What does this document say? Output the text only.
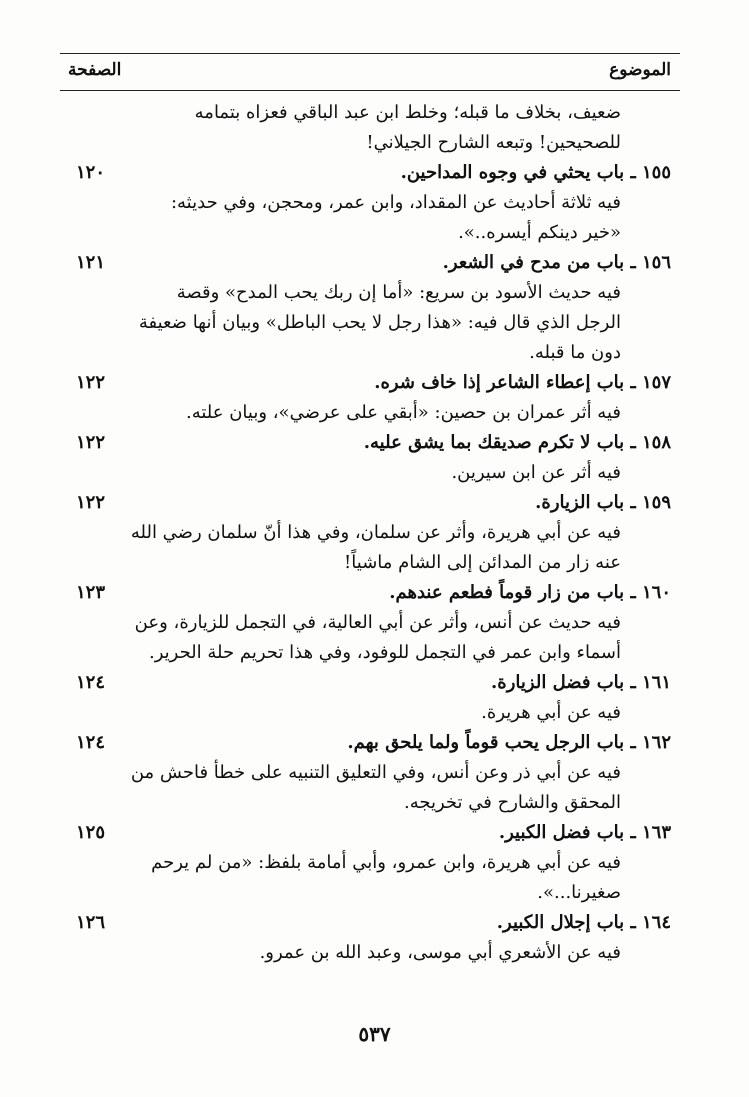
الموضوع
الصفحة
ضعيف، بخلاف ما قبله؛ وخلط ابن عبد الباقي فعزاه بتمامه
للصحيحين! وتبعه الشارح الجيلاني!
١٥٥ ـ باب يحثي في وجوه المداحين.
١٢٠
فيه ثلاثة أحاديث عن المقداد، وابن عمر، ومحجن، وفي حديثه:
«خير دينكم أيسره..».
١٥٦ ـ باب من مدح في الشعر.
١٢١
فيه حديث الأسود بن سريع: «أما إن ربك يحب المدح» وقصة
الرجل الذي قال فيه: «هذا رجل لا يحب الباطل» وبيان أنها ضعيفة
دون ما قبله.
١٥٧ ـ باب إعطاء الشاعر إذا خاف شره.
١٢٢
فيه أثر عمران بن حصين: «أبقي على عرضي»، وبيان علته.
١٥٨ ـ باب لا تكرم صديقك بما يشق عليه.
١٢٢
فيه أثر عن ابن سيرين.
١٥٩ ـ باب الزيارة.
١٢٢
فيه عن أبي هريرة، وأثر عن سلمان، وفي هذا أنّ سلمان رضي الله
عنه زار من المدائن إلى الشام ماشياً!
١٦٠ ـ باب من زار قوماً فطعم عندهم.
١٢٣
فيه حديث عن أنس، وأثر عن أبي العالية، في التجمل للزيارة، وعن
أسماء وابن عمر في التجمل للوفود، وفي هذا تحريم حلة الحرير.
١٦١ ـ باب فضل الزيارة.
١٢٤
فيه عن أبي هريرة.
١٦٢ ـ باب الرجل يحب قوماً ولما يلحق بهم.
١٢٤
فيه عن أبي ذر وعن أنس، وفي التعليق التنبيه على خطأ فاحش من
المحقق والشارح في تخريجه.
١٦٣ ـ باب فضل الكبير.
١٢٥
فيه عن أبي هريرة، وابن عمرو، وأبي أمامة بلفظ: «من لم يرحم
صغيرنا...».
١٦٤ ـ باب إجلال الكبير.
١٢٦
فيه عن الأشعري أبي موسى، وعبد الله بن عمرو.
٥٣٧
